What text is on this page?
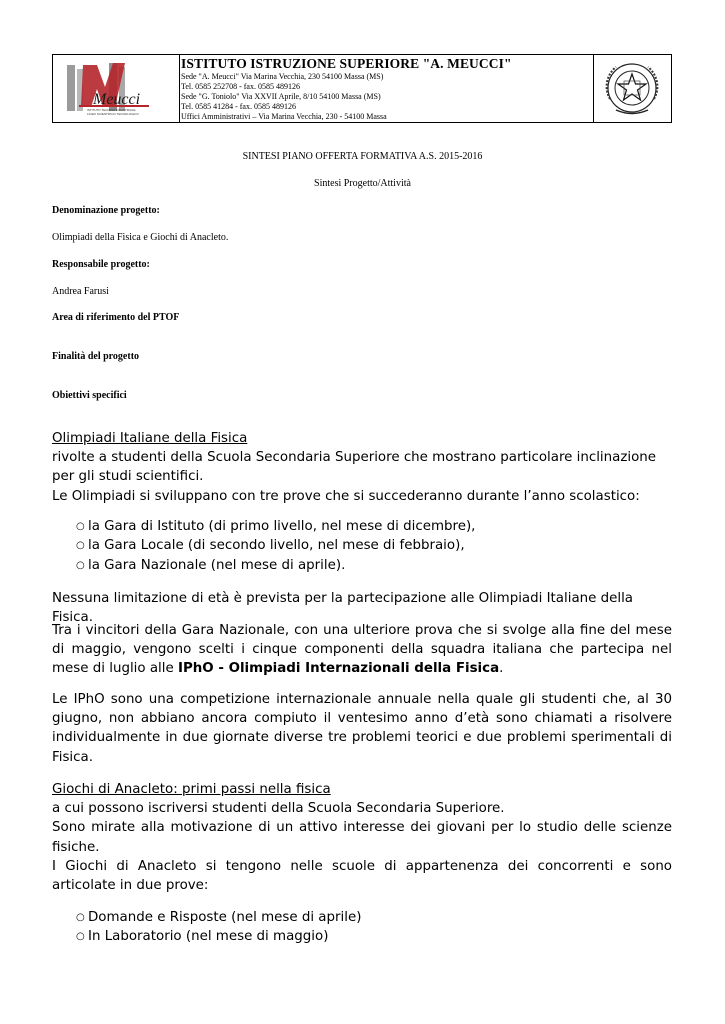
Meucci
ISTITUTO TECNICO INDUSTRIALE
LICEO SCIENTIFICO TECNOLOGICO
ISTITUTO ISTRUZIONE SUPERIORE "A. MEUCCI"
Sede "A. Meucci" Via Marina Vecchia, 230 54100 Massa (MS)
Tel. 0585 252708 - fax. 0585 489126
Sede "G. Toniolo" Via XXVII Aprile, 8/10 54100 Massa (MS)
Tel. 0585 41284 - fax. 0585 489126
Uffici Amministrativi – Via Marina Vecchia, 230 - 54100 Massa
SINTESI PIANO OFFERTA FORMATIVA A.S. 2015-2016
Sintesi Progetto/Attività
Denominazione progetto:
Olimpiadi della Fisica e Giochi di Anacleto.
Responsabile progetto:
Andrea Farusi
Area di riferimento del PTOF
Finalità del progetto
Obiettivi specifici
Olimpiadi Italiane della Fisica
rivolte a studenti della Scuola Secondaria Superiore che mostrano particolare inclinazione per gli studi scientifici.
Le Olimpiadi si sviluppano con tre prove che si succederanno durante l’anno scolastico:
○ la Gara di Istituto (di primo livello, nel mese di dicembre),
○ la Gara Locale (di secondo livello, nel mese di febbraio),
○ la Gara Nazionale (nel mese di aprile).
Nessuna limitazione di età è prevista per la partecipazione alle Olimpiadi Italiane della Fisica.
Tra i vincitori della Gara Nazionale, con una ulteriore prova che si svolge alla fine del mese di maggio, vengono scelti i cinque componenti della squadra italiana che partecipa nel mese di luglio alle IPhO - Olimpiadi Internazionali della Fisica.
Le IPhO sono una competizione internazionale annuale nella quale gli studenti che, al 30 giugno, non abbiano ancora compiuto il ventesimo anno d’età sono chiamati a risolvere individualmente in due giornate diverse tre problemi teorici e due problemi sperimentali di Fisica.
Giochi di Anacleto: primi passi nella fisica
a cui possono iscriversi studenti della Scuola Secondaria Superiore.
Sono mirate alla motivazione di un attivo interesse dei giovani per lo studio delle scienze fisiche.
I Giochi di Anacleto si tengono nelle scuole di appartenenza dei concorrenti e sono articolate in due prove:
○ Domande e Risposte (nel mese di aprile)
○ In Laboratorio (nel mese di maggio)
